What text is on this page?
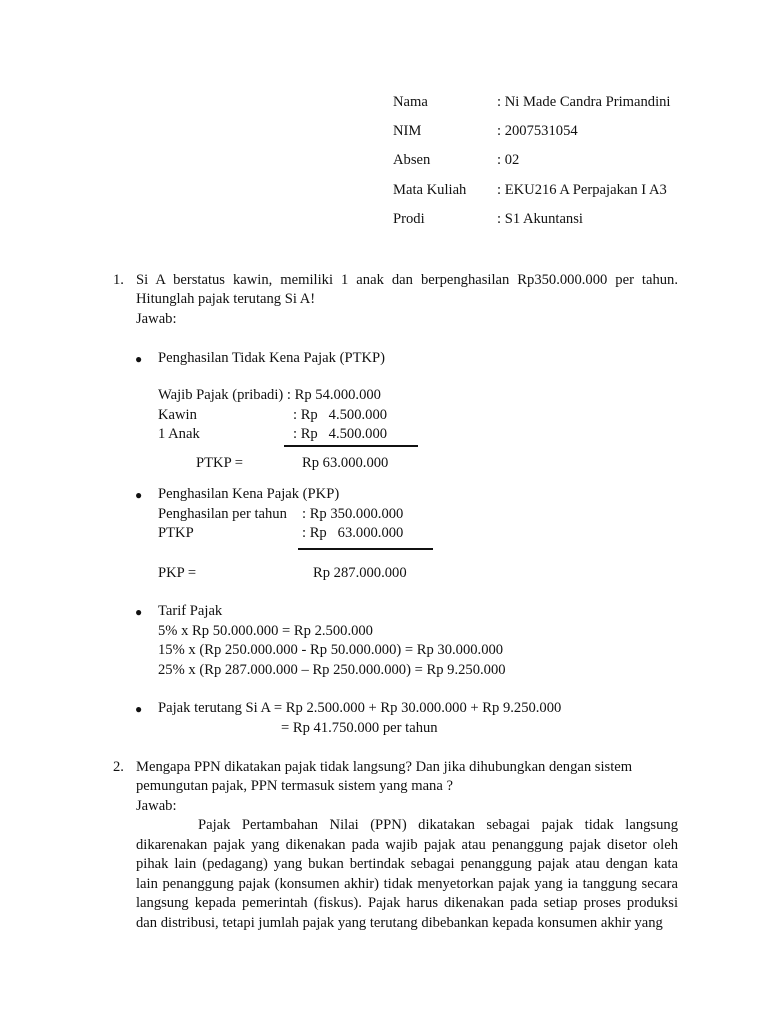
Nama	: Ni Made Candra Primandini
NIM	: 2007531054
Absen	: 02
Mata Kuliah : EKU216 A Perpajakan I A3
Prodi	: S1 Akuntansi
1. Si A berstatus kawin, memiliki 1 anak dan berpenghasilan Rp350.000.000 per tahun.

Hitunglah pajak terutang Si A!

Jawab:

● Penghasilan Tidak Kena Pajak (PTKP)
Wajib Pajak (pribadi) : Rp 54.000.000
Kawin	: Rp   4.500.000
1 Anak	: Rp   4.500.000
PTKP =	Rp 63.000.000
● Penghasilan Kena Pajak (PKP)
Penghasilan per tahun : Rp 350.000.000
PTKP	: Rp   63.000.000
PKP =	Rp 287.000.000
● Tarif Pajak
5% x Rp 50.000.000 = Rp 2.500.000
15% x (Rp 250.000.000 - Rp 50.000.000) = Rp 30.000.000
25% x (Rp 287.000.000 – Rp 250.000.000) = Rp 9.250.000
● Pajak terutang Si A = Rp 2.500.000 + Rp 30.000.000 + Rp 9.250.000
= Rp 41.750.000 per tahun
2. Mengapa PPN dikatakan pajak tidak langsung? Dan jika dihubungkan dengan sistem

pemungutan pajak, PPN termasuk sistem yang mana ?

Jawab:

Pajak Pertambahan Nilai (PPN) dikatakan sebagai pajak tidak langsung dikarenakan pajak yang dikenakan pada wajib pajak atau penanggung pajak disetor oleh pihak lain (pedagang) yang bukan bertindak sebagai penanggung pajak atau dengan kata lain penanggung pajak (konsumen akhir) tidak menyetorkan pajak yang ia tanggung secara langsung kepada pemerintah (fiskus). Pajak harus dikenakan pada setiap proses produksi dan distribusi, tetapi jumlah pajak yang terutang dibebankan kepada konsumen akhir yang
